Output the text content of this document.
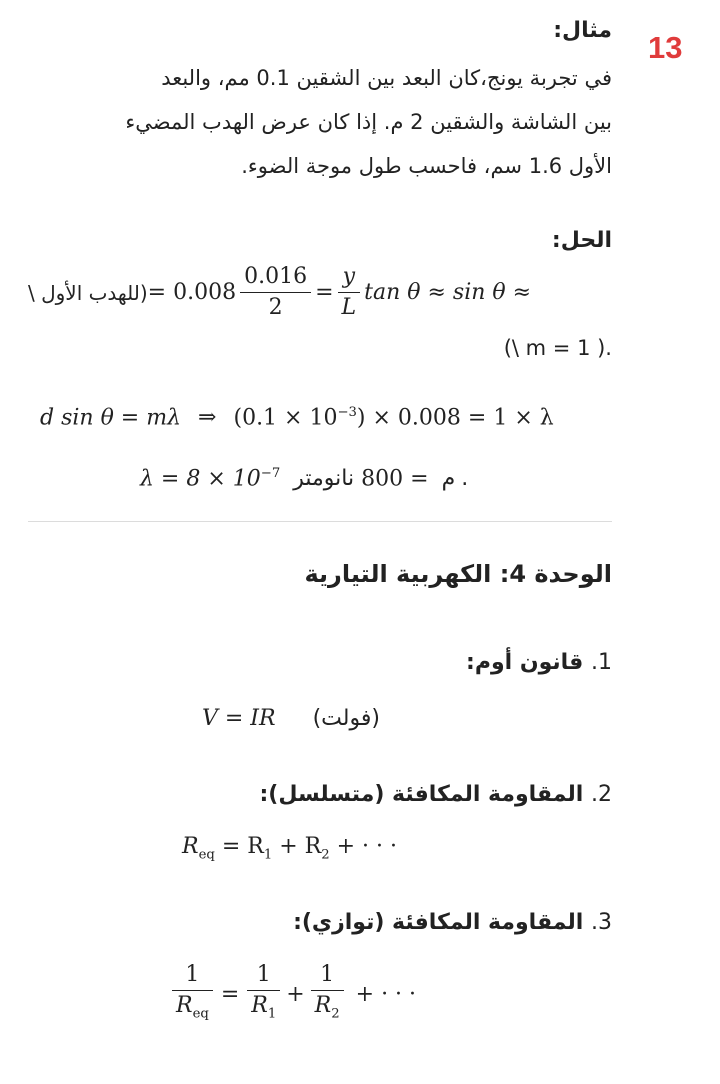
13
مثال:
في تجربة يونج،كان البعد بين الشقين 0.1 مم، والبعد
بين الشاشة والشقين 2 م. إذا كان عرض الهدب المضيء
الأول 1.6 سم، فاحسب طول موجة الضوء.
الحل:
(للهدب الأول \ = $0.008 \frac{0.016}{2} = \frac{y}{L}$ tan θ ≈ sin θ ≈
(\ m = 1 ).
d sin θ = mλ ⇒ $(0.1 \times 10^{-3}) \times 0.008 = 1 \times \lambda$
$\lambda = 8 \times 10^{-7}$	م = 800 نانومتر.
الوحدة 4: الكهربية التيارية
1. قانون أوم:
V = IR (فولت)
2. المقاومة المكافئة (متسلسل):
$R_{eq} = R_1 + R_2$ + · · ·
3. المقاومة المكافئة (توازي):
$\frac{1}{R_{eq}} = \frac{1}{R_1} + \frac{1}{R_2}$ + · · ·
